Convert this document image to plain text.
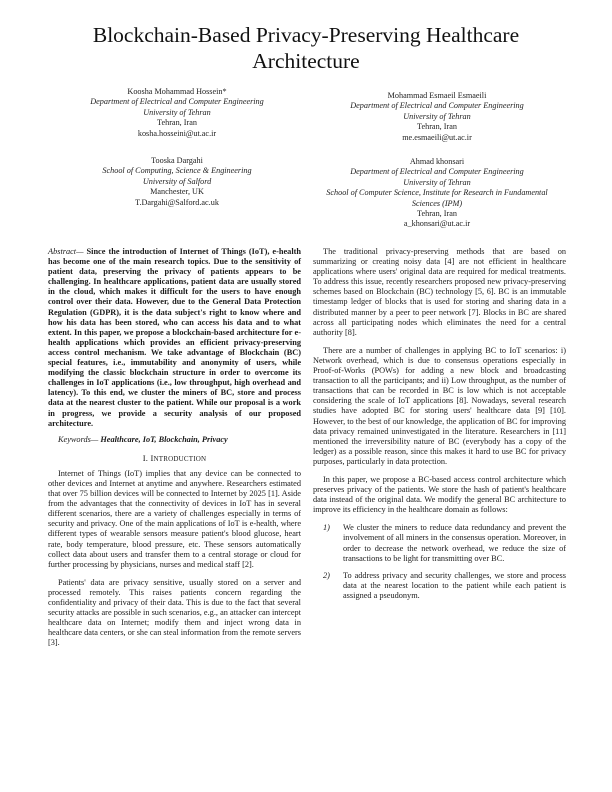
Blockchain-Based Privacy-Preserving Healthcare Architecture
Koosha Mohammad Hossein*
Department of Electrical and Computer Engineering
University of Tehran
Tehran, Iran
kosha.hosseini@ut.ac.ir
Mohammad Esmaeil Esmaeili
Department of Electrical and Computer Engineering
University of Tehran
Tehran, Iran
me.esmaeili@ut.ac.ir
Tooska Dargahi
School of Computing, Science & Engineering
University of Salford
Manchester, UK
T.Dargahi@Salford.ac.uk
Ahmad khonsari
Department of Electrical and Computer Engineering
University of Tehran
School of Computer Science, Institute for Research in Fundamental Sciences (IPM)
Tehran, Iran
a_khonsari@ut.ac.ir

Abstract— Since the introduction of Internet of Things (IoT), e-health has become one of the main research topics. Due to the sensitivity of patient data, preserving the privacy of patients appears to be challenging. In healthcare applications, patient data are usually stored in the cloud, which makes it difficult for the users to have enough control over their data. However, due to the General Data Protection Regulation (GDPR), it is the data subject's right to know where and how his data has been stored, who can access his data and to what extent. In this paper, we propose a blockchain-based architecture for e-health applications which provides an efficient privacy-preserving access control mechanism. We take advantage of Blockchain (BC) special features, i.e., immutability and anonymity of users, while modifying the classic blockchain structure in order to overcome its challenges in IoT applications (i.e., low throughput, high overhead and latency). To this end, we cluster the miners of BC, store and process data at the nearest cluster to the patient. While our proposal is a work in progress, we provide a security analysis of our proposed architecture.

Keywords— Healthcare, IoT, Blockchain, Privacy

I. INTRODUCTION

Internet of Things (IoT) implies that any device can be connected to other devices and Internet at anytime and anywhere. Researchers estimated that over 75 billion devices will be connected to Internet by 2025 [1]. Aside from the advantages that the connectivity of devices in IoT has in several different scenarios, there are a variety of challenges especially in terms of security and privacy. One of the main applications of IoT is e-health, where different types of wearable sensors measure patient's blood glucose, heart rate, body temperature, blood pressure, etc. These sensors automatically collect data about users and transfer them to a central storage or cloud for further processing by physicians, nurses and medical staff [2].

Patients' data are privacy sensitive, usually stored on a server and processed remotely. This raises patients concern regarding the confidentiality and privacy of their data. This is due to the fact that several security attacks are possible in such scenarios, e.g., an attacker can intercept healthcare data on Internet; modify them and inject wrong data in healthcare data centers, or she can steal information from the remote servers [3].

The traditional privacy-preserving methods that are based on summarizing or creating noisy data [4] are not efficient in healthcare applications where users' original data are required for medical treatments. To address this issue, recently researchers proposed new privacy-preserving schemes based on Blockchain (BC) technology [5, 6]. BC is an immutable timestamp ledger of blocks that is used for storing and sharing data in a distributed manner by a peer to peer network [7]. Blocks in BC are shared across all participating nodes which eliminates the need for a central authority [8].

There are a number of challenges in applying BC to IoT scenarios: i) Network overhead, which is due to consensus operations especially in Proof-of-Works (POWs) for adding a new block and broadcasting transaction to all the participants; and ii) Low throughput, as the number of transactions that can be recorded in BC is low which is not acceptable considering the scale of IoT applications [8]. Nowadays, several research studies have adopted BC for storing users' healthcare data [9] [10]. However, to the best of our knowledge, the application of BC for improving data privacy remained uninvestigated in the literature. Researchers in [11] mentioned the irreversibility nature of BC (everybody has a copy of the ledger) as a possible reason, since this makes it hard to use BC for privacy purposes, particularly in data protection.

In this paper, we propose a BC-based access control architecture which preserves privacy of the patients. We store the hash of patient's healthcare data instead of the original data. We modify the general BC architecture to improve its efficiency in the healthcare domain as follows:

1) We cluster the miners to reduce data redundancy and prevent the involvement of all miners in the consensus operation. Moreover, in order to decrease the network overhead, we reduce the size of transactions to be light for transmitting over BC.
2) To address privacy and security challenges, we store and process data at the nearest location to the patient while each patient is assigned a pseudonym.
